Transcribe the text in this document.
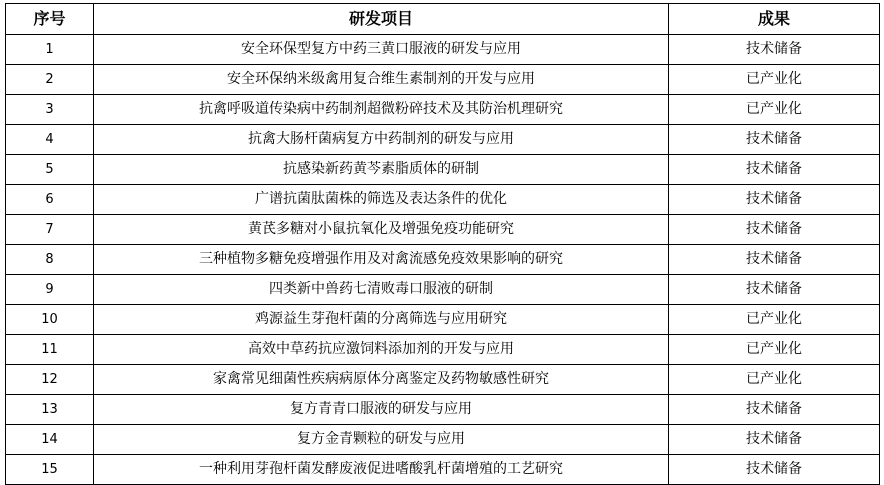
序号	研发项目	成果
1	安全环保型复方中药三黄口服液的研发与应用	技术储备
2	安全环保纳米级禽用复合维生素制剂的开发与应用	已产业化
3	抗禽呼吸道传染病中药制剂超微粉碎技术及其防治机理研究	已产业化
4	抗禽大肠杆菌病复方中药制剂的研发与应用	技术储备
5	抗感染新药黄芩素脂质体的研制	技术储备
6	广谱抗菌肽菌株的筛选及表达条件的优化	技术储备
7	黄芪多糖对小鼠抗氧化及增强免疫功能研究	技术储备
8	三种植物多糖免疫增强作用及对禽流感免疫效果影响的研究	技术储备
9	四类新中兽药七清败毒口服液的研制	技术储备
10	鸡源益生芽孢杆菌的分离筛选与应用研究	已产业化
11	高效中草药抗应激饲料添加剂的开发与应用	已产业化
12	家禽常见细菌性疾病病原体分离鉴定及药物敏感性研究	已产业化
13	复方青青口服液的研发与应用	技术储备
14	复方金青颗粒的研发与应用	技术储备
15	一种利用芽孢杆菌发酵废液促进嗜酸乳杆菌增殖的工艺研究	技术储备
